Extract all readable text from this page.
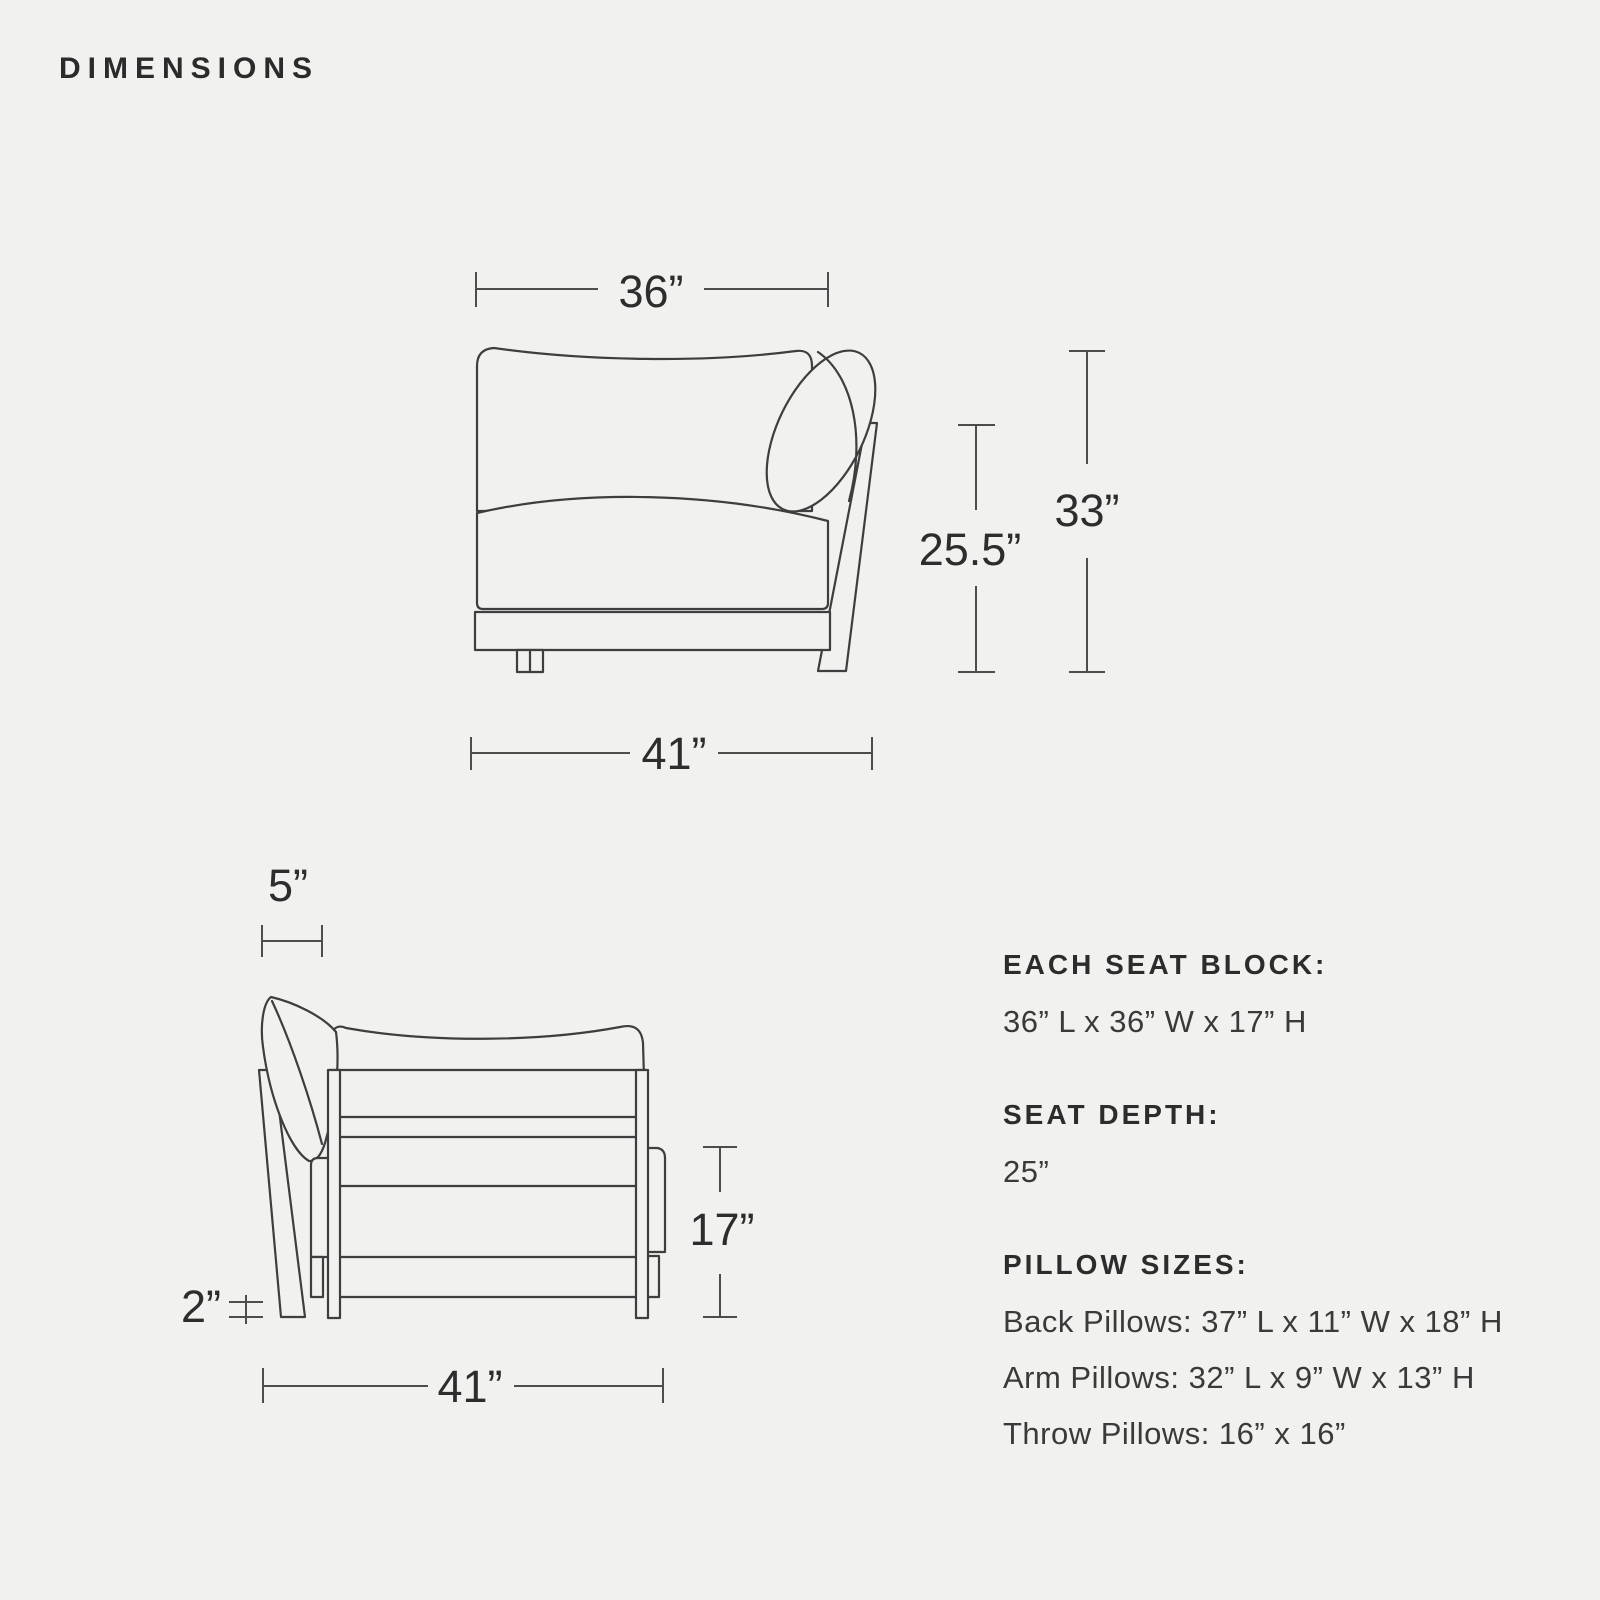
DIMENSIONS
36”
41”
25.5”
33”
5”
2”
17”
41”
EACH SEAT BLOCK:
36” L x 36” W x 17” H
SEAT DEPTH:
25”
PILLOW SIZES:
Back Pillows: 37” L x 11” W x 18” H
Arm Pillows: 32” L x 9” W x 13” H
Throw Pillows: 16” x 16”
